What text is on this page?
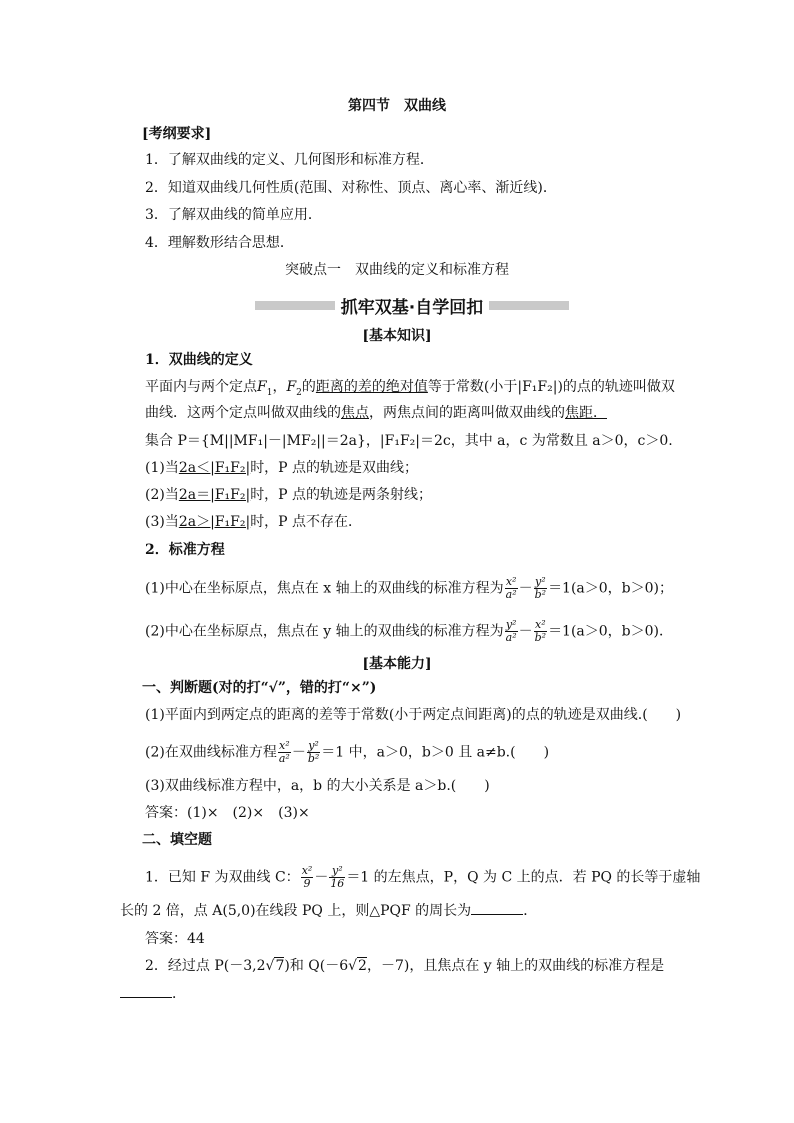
第四节　双曲线
[考纲要求]
1．了解双曲线的定义、几何图形和标准方程．
2．知道双曲线几何性质(范围、对称性、顶点、离心率、渐近线)．
3．了解双曲线的简单应用．
4．理解数形结合思想．
突破点一　双曲线的定义和标准方程
抓牢双基·自学回扣
[基本知识]
1．双曲线的定义
平面内与两个定点$F_1$，$F_2$的距离的差的绝对值等于常数(小于|F₁F₂|)的点的轨迹叫做双
曲线．这两个定点叫做双曲线的焦点，两焦点间的距离叫做双曲线的焦距．
集合 P＝{M||MF₁|－|MF₂||＝2a}，|F₁F₂|＝2c，其中 a，c 为常数且 a＞0，c＞0.
(1)当2a＜|F₁F₂|时，P 点的轨迹是双曲线；
(2)当2a＝|F₁F₂|时，P 点的轨迹是两条射线；
(3)当2a＞|F₁F₂|时，P 点不存在．
2．标准方程
(1)中心在坐标原点，焦点在 x 轴上的双曲线的标准方程为 $\frac{\text{x²}}{\text{a²}} - \frac{\text{y²}}{\text{b²}} =1(a>0$，b＞0)；
(2)中心在坐标原点，焦点在 y 轴上的双曲线的标准方程为 $\frac{\text{y²}}{\text{a²}} - \frac{\text{x²}}{\text{b²}} =1(a>0$，b＞0)．
[基本能力]
一、判断题(对的打“√”，错的打“×”)
(1)平面内到两定点的距离的差等于常数(小于两定点间距离)的点的轨迹是双曲线.(　　)
(2)在双曲线标准方程 $\frac{\text{x²}}{\text{a²}} - \frac{\text{y²}}{\text{b²}} =1$ 中，a＞0，b＞0 且 a≠b.(　　)
(3)双曲线标准方程中，a，b 的大小关系是 a＞b.(　　)
答案：(1)×　(2)×　(3)×
二、填空题
1．已知 F 为双曲线 C： $\frac{\text{x²}}{9} - \frac{\text{y²}}{16} =1$ 的左焦点，P，Q 为 C 上的点．若 PQ 的长等于虚轴
长的 2 倍，点 A(5,0)在线段 PQ 上，则△PQF 的周长为	．
答案：44
2．经过点 P(－3,2√7)和 Q(－6√2，－7)，且焦点在 y 轴上的双曲线的标准方程是
．
